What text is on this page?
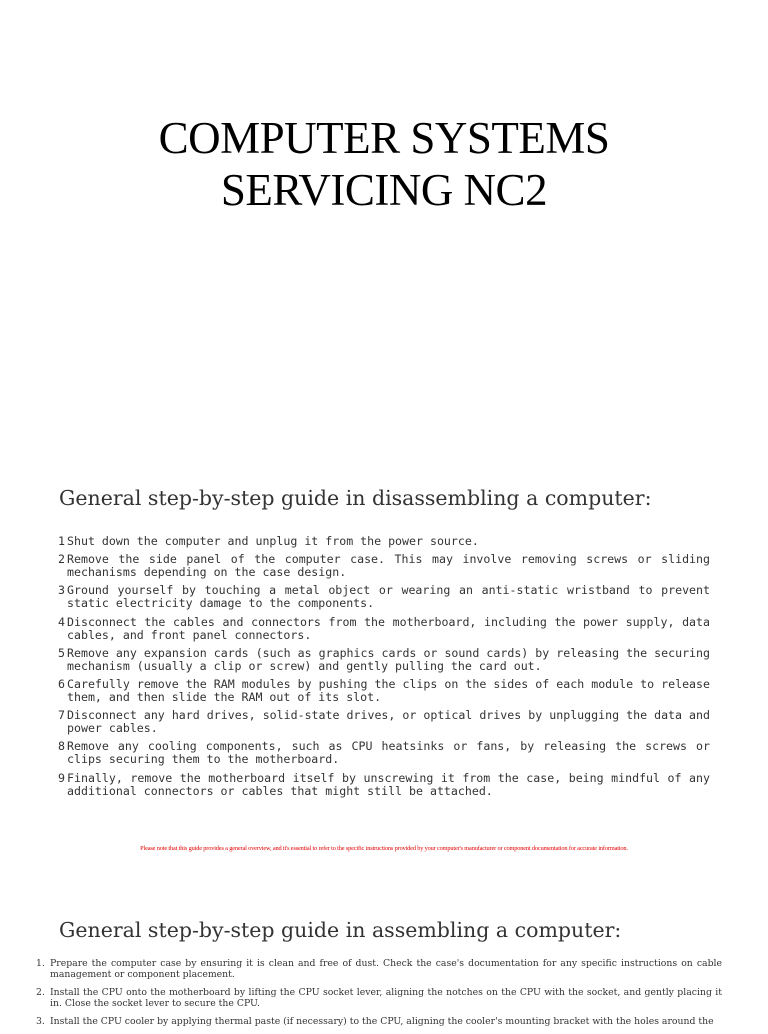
COMPUTER SYSTEMS
SERVICING NC2
General step-by-step guide in disassembling a computer:
1 Shut down the computer and unplug it from the power source.
2 Remove the side panel of the computer case. This may involve removing screws or sliding mechanisms depending on the case design.
3 Ground yourself by touching a metal object or wearing an anti-static wristband to prevent static electricity damage to the components.
4 Disconnect the cables and connectors from the motherboard, including the power supply, data cables, and front panel connectors.
5 Remove any expansion cards (such as graphics cards or sound cards) by releasing the securing mechanism (usually a clip or screw) and gently pulling the card out.
6 Carefully remove the RAM modules by pushing the clips on the sides of each module to release them, and then slide the RAM out of its slot.
7 Disconnect any hard drives, solid-state drives, or optical drives by unplugging the data and power cables.
8 Remove any cooling components, such as CPU heatsinks or fans, by releasing the screws or clips securing them to the motherboard.
9 Finally, remove the motherboard itself by unscrewing it from the case, being mindful of any additional connectors or cables that might still be attached.
Please note that this guide provides a general overview, and it's essential to refer to the specific instructions provided by your computer's manufacturer or component documentation for accurate information.
General step-by-step guide in assembling a computer:
1. Prepare the computer case by ensuring it is clean and free of dust. Check the case's documentation for any specific instructions on cable management or component placement.
2. Install the CPU onto the motherboard by lifting the CPU socket lever, aligning the notches on the CPU with the socket, and gently placing it in. Close the socket lever to secure the CPU.
3. Install the CPU cooler by applying thermal paste (if necessary) to the CPU, aligning the cooler's mounting bracket with the holes around the
